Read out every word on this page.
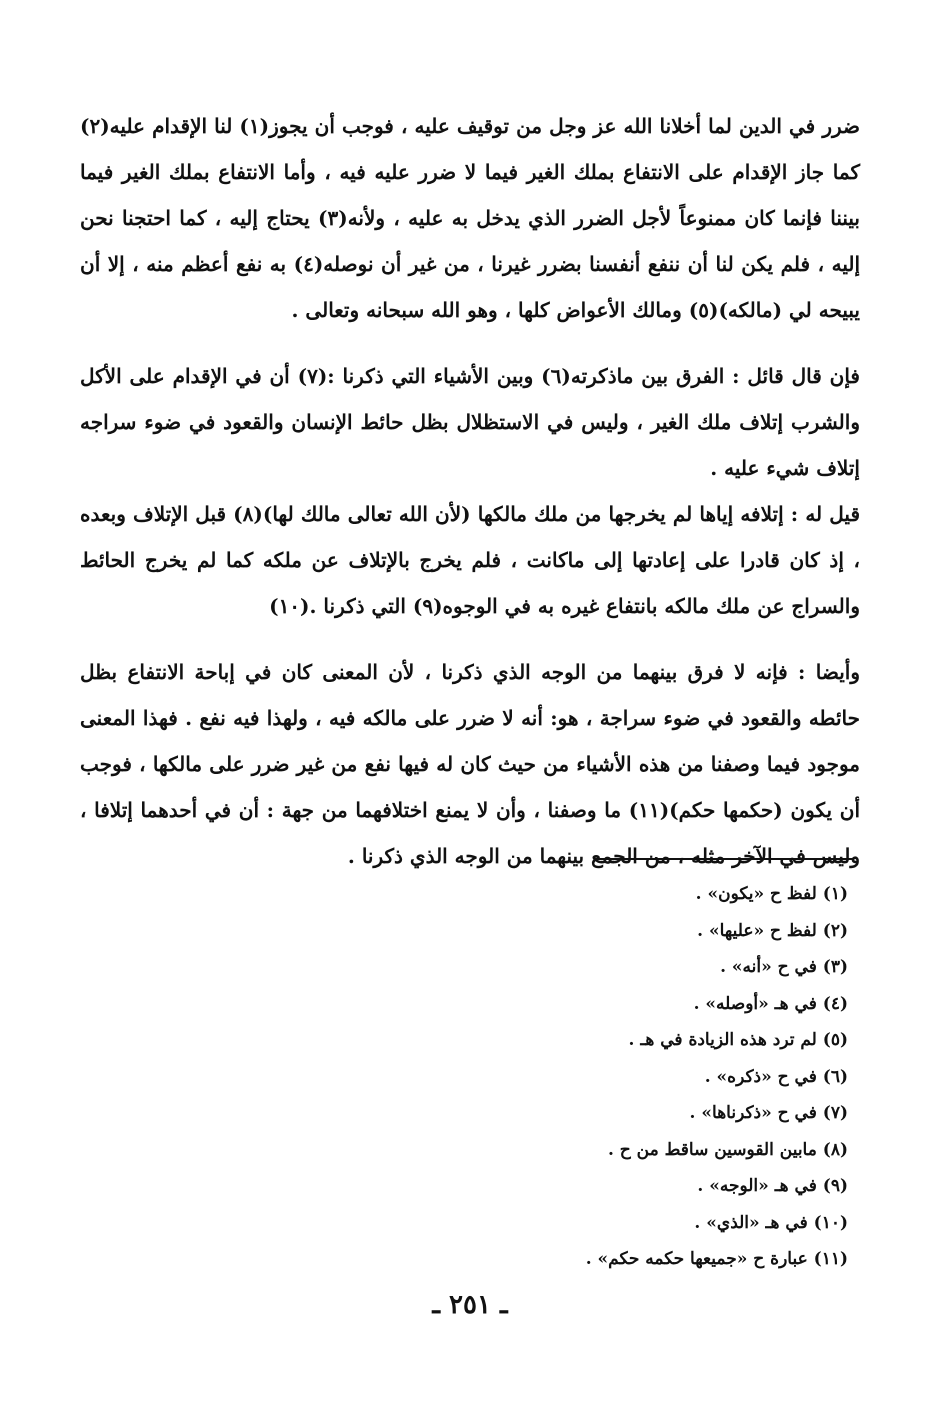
ضرر في الدين لما أخلانا الله عز وجل من توقيف عليه ، فوجب أن يجوز(١) لنا الإقدام عليه(٢) كما جاز الإقدام على الانتفاع بملك الغير فيما لا ضرر عليه فيه ، وأما الانتفاع بملك الغير فيما بيننا فإنما كان ممنوعاً لأجل الضرر الذي يدخل به عليه ، ولأنه(٣) يحتاج إليه ، كما احتجنا نحن إليه ، فلم يكن لنا أن ننفع أنفسنا بضرر غيرنا ، من غير أن نوصله(٤) به نفع أعظم منه ، إلا أن يبيحه لي (مالكه)(٥) ومالك الأعواض كلها ، وهو الله سبحانه وتعالى .

فإن قال قائل : الفرق بين ماذكرته(٦) وبين الأشياء التي ذكرنا :(٧) أن في الإقدام على الأكل والشرب إتلاف ملك الغير ، وليس في الاستظلال بظل حائط الإنسان والقعود في ضوء سراجه إتلاف شيء عليه .

قيل له : إتلافه إياها لم يخرجها من ملك مالكها (لأن الله تعالى مالك لها)(٨) قبل الإتلاف وبعده ، إذ كان قادرا على إعادتها إلى ماكانت ، فلم يخرج بالإتلاف عن ملكه كما لم يخرج الحائط والسراج عن ملك مالكه بانتفاع غيره به في الوجوه(٩) التي ذكرنا .(١٠)

وأيضا : فإنه لا فرق بينهما من الوجه الذي ذكرنا ، لأن المعنى كان في إباحة الانتفاع بظل حائطه والقعود في ضوء سراجة ، هو: أنه لا ضرر على مالكه فيه ، ولهذا فيه نفع . فهذا المعنى موجود فيما وصفنا من هذه الأشياء من حيث كان له فيها نفع من غير ضرر على مالكها ، فوجب أن يكون (حكمها حكم)(١١) ما وصفنا ، وأن لا يمنع اختلافهما من جهة : أن في أحدهما إتلافا ، وليس في الآخر مثله ، من الجمع بينهما من الوجه الذي ذكرنا .

(١) لفظ ح «يكون» .
(٢) لفظ ح «عليها» .
(٣) في ح «أنه» .
(٤) في هـ «أوصله» .
(٥) لم ترد هذه الزيادة في هـ .
(٦) في ح «ذكره» .
(٧) في ح «ذكرناها» .
(٨) مابين القوسين ساقط من ح .
(٩) في هـ «الوجه» .
(١٠) في هـ «الذي» .
(١١) عبارة ح «جميعها حكمه حكم» .
ـ ٢٥١ ـ
